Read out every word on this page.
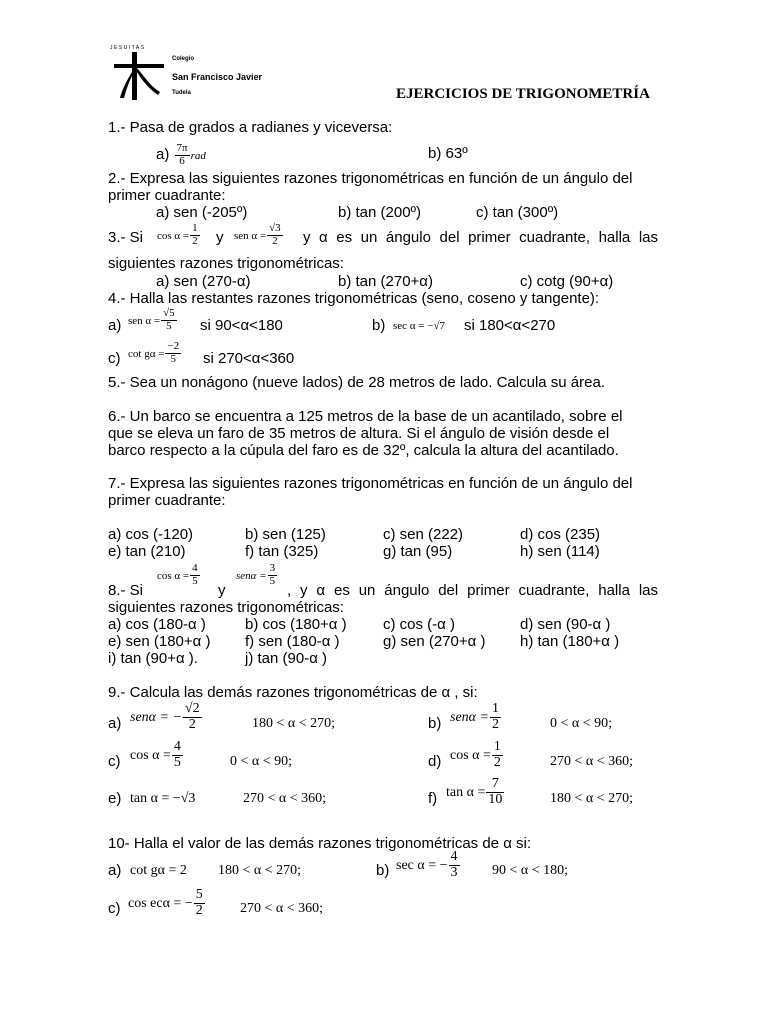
JESUITAS
Colegio
San Francisco Javier
Tudela	EJERCICIOS DE TRIGONOMETRÍA
1.- Pasa de grados a radianes y viceversa:
$a) \frac{7\pi}{6}$ rad	b) 63º
2.- Expresa las siguientes razones trigonométricas en función de un ángulo del
primer cuadrante:
a) sen (-205º)	b) tan (200º)	c) tan (300º)
3.- Si $\cos \alpha = \frac{1}{2}$ y sen $\alpha = \frac{√3}{2}$ y α es un ángulo del primer cuadrante, halla las
siguientes razones trigonométricas:
a) sen (270-α)	b) tan (270+α)	c) cotg (90+α)
4.- Halla las restantes razones trigonométricas (seno, coseno y tangente):
a) sen $\alpha = \frac{√5}{5}$ si 90<α<180	b) sec α = −√7 si 180<α<270
c) $\cot g\alpha = \frac{-2}{5}$ si 270<α<360
5.- Sea un nonágono (nueve lados) de 28 metros de lado. Calcula su área.
6.- Un barco se encuentra a 125 metros de la base de un acantilado, sobre el
que se eleva un faro de 35 metros de altura. Si el ángulo de visión desde el
barco respecto a la cúpula del faro es de 32º, calcula la altura del acantilado.
7.- Expresa las siguientes razones trigonométricas en función de un ángulo del
primer cuadrante:
a) cos (-120)	b) sen (125)	c) sen (222)	d) cos (235)
e) tan (210)	f) tan (325)	g) tan (95)	h) sen (114)
$\cos \alpha = \frac{4}{5}$	$sen\alpha = \frac{3}{5}$
8.- Si	y	, y α es un ángulo del primer cuadrante, halla las
siguientes razones trigonométricas:
a) cos (180-α )	b) cos (180+α ) c) cos (-α )	d) sen (90-α )
e) sen (180+α ) f) sen (180-α )	g) sen (270+α ) h) tan (180+α )
i) tan (90+α ).	j) tan (90-α )
9.- Calcula las demás razones trigonométricas de α , si:
a) senα = − $\frac{√2}{2}$	180 < α < 270;	b) $sen\alpha = \frac{1}{2}$	0 < α < 90;
c) $\cos \alpha = \frac{4}{5}$	0 < α < 90;	d) $\cos \alpha = \frac{1}{2}$	270 < α < 360;
e) tan α = −√3	270 < α < 360;	f) $\tan \alpha = \frac{7}{10}$	180 < α < 270;
10- Halla el valor de las demás razones trigonométricas de α si:
a) cot gα = 2 180 < α < 270;	b) sec α = − $\frac{4}{3} 90 < \alpha < 180$;
c) cos ecα = − $\frac{5}{2}$	270 < α < 360;
